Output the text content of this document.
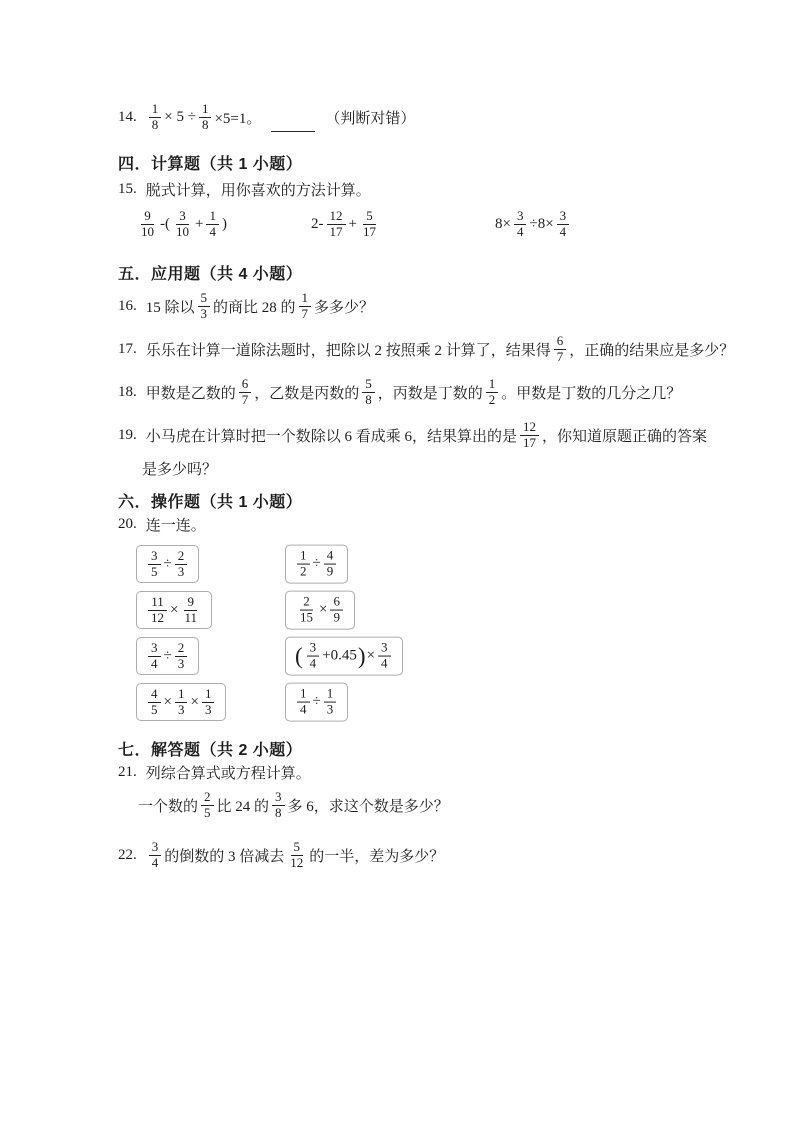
14. $\frac{1}{8} \times 5 \div \frac{1}{8} \times 5=1$。	（判断对错）
四．计算题（共 1 小题）
15. 脱式计算，用你喜欢的方法计算。
$\frac{9}{10}$ -( $\frac{3}{10} + \frac{1}{4}$ )	$2- \frac{12}{17} + \frac{5}{17}$	$8\times \frac{3}{4} \div 8\times \frac{3}{4}$
五．应用题（共 4 小题）
16. 15 除以 $\frac{5}{3}$ 的商比 28 的 $\frac{1}{7}$ 多多少？
17. 乐乐在计算一道除法题时，把除以 2 按照乘 2 计算了，结果得 $\frac{6}{7}$ ，正确的结果应是多少？
18. 甲数是乙数的 $\frac{6}{7}$ ，乙数是丙数的 $\frac{5}{8}$ ，丙数是丁数的 $\frac{1}{2}$ 。甲数是丁数的几分之几？
19. 小马虎在计算时把一个数除以 6 看成乘 6，结果算出的是 $\frac{12}{17}$ ，你知道原题正确的答案
是多少吗？
六．操作题（共 1 小题）
20. 连一连。
$\frac{3}{5} \div \frac{2}{3}$	$\frac{1}{2} \div \frac{4}{9}$
$\frac{11}{12} \times \frac{9}{11}$	$\frac{2}{15} \times \frac{6}{9}$
$\frac{3}{4} \div \frac{2}{3}$	( $\frac{3}{4} +0.45$ ) × $\frac{3}{4}$
$\frac{4}{5} \times \frac{1}{3} \times \frac{1}{3}$	$\frac{1}{4} \div \frac{1}{3}$
七．解答题（共 2 小题）
21. 列综合算式或方程计算。
一个数的 $\frac{2}{5}$ 比 24 的 $\frac{3}{8}$ 多 6，求这个数是多少？
22. $\frac{3}{4}$ 的倒数的 3 倍减去 $\frac{5}{12}$ 的一半，差为多少？
